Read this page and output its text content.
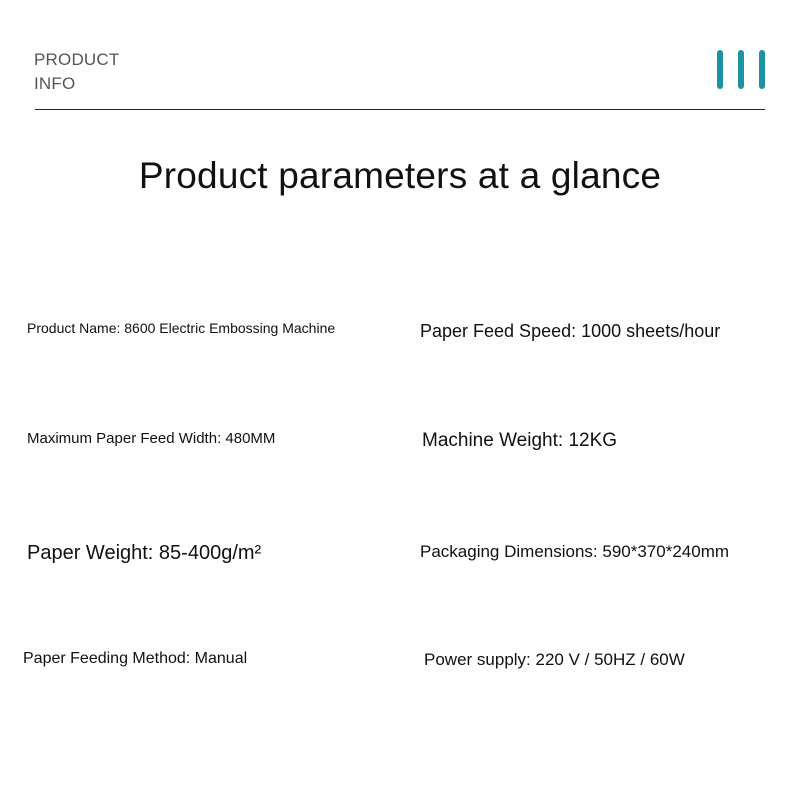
PRODUCT
INFO
Product parameters at a glance
Product Name: 8600 Electric Embossing Machine	Paper Feed Speed: 1000 sheets/hour
Maximum Paper Feed Width: 480MM	Machine Weight: 12KG
Paper Weight: 85-400g/m²	Packaging Dimensions: 590*370*240mm
Paper Feeding Method: Manual	Power supply: 220 V / 50HZ / 60W
